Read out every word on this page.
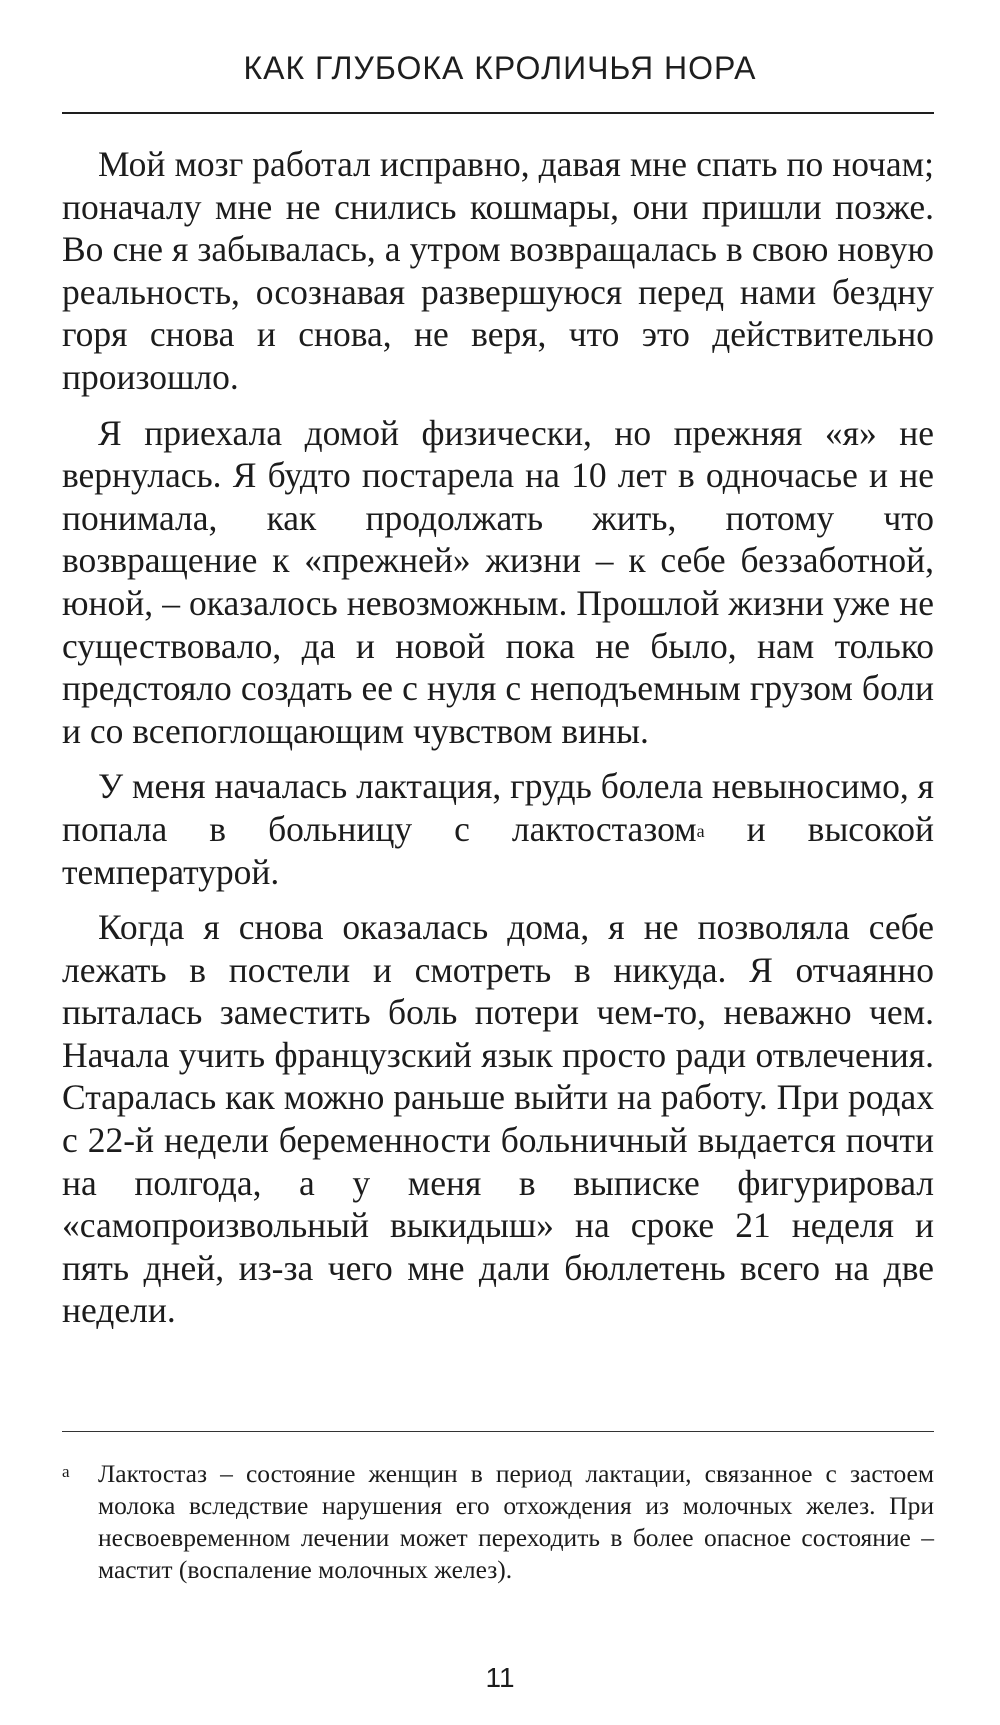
КАК ГЛУБОКА КРОЛИЧЬЯ НОРА

Мой мозг работал исправно, давая мне спать по ночам; поначалу мне не снились кошмары, они пришли позже. Во сне я забывалась, а утром возвращалась в свою новую реальность, осознавая развершуюся перед нами бездну горя снова и снова, не веря, что это действительно произошло.

Я приехала домой физически, но прежняя «я» не вернулась. Я будто постарела на 10 лет в одночасье и не понимала, как продолжать жить, потому что возвращение к «прежней» жизни – к себе беззаботной, юной, – оказалось невозможным. Прошлой жизни уже не существовало, да и новой пока не было, нам только предстояло создать ее с нуля с неподъемным грузом боли и со всепоглощающим чувством вины.

У меня началась лактация, грудь болела невыносимо, я попала в больницу с лактостазом$^а$ и высокой температурой.

Когда я снова оказалась дома, я не позволяла себе лежать в постели и смотреть в никуда. Я отчаянно пыталась заместить боль потери чем-то, неважно чем. Начала учить французский язык просто ради отвлечения. Старалась как можно раньше выйти на работу. При родах с 22-й недели беременности больничный выдается почти на полгода, а у меня в выписке фигурировал «самопроизвольный выкидыш» на сроке 21 неделя и пять дней, из-за чего мне дали бюллетень всего на две недели.

а	Лактостаз – состояние женщин в период лактации, связанное с застоем молока вследствие нарушения его отхождения из молочных желез. При несвоевременном лечении может переходить в более опасное состояние – мастит (воспаление молочных желез).
11
